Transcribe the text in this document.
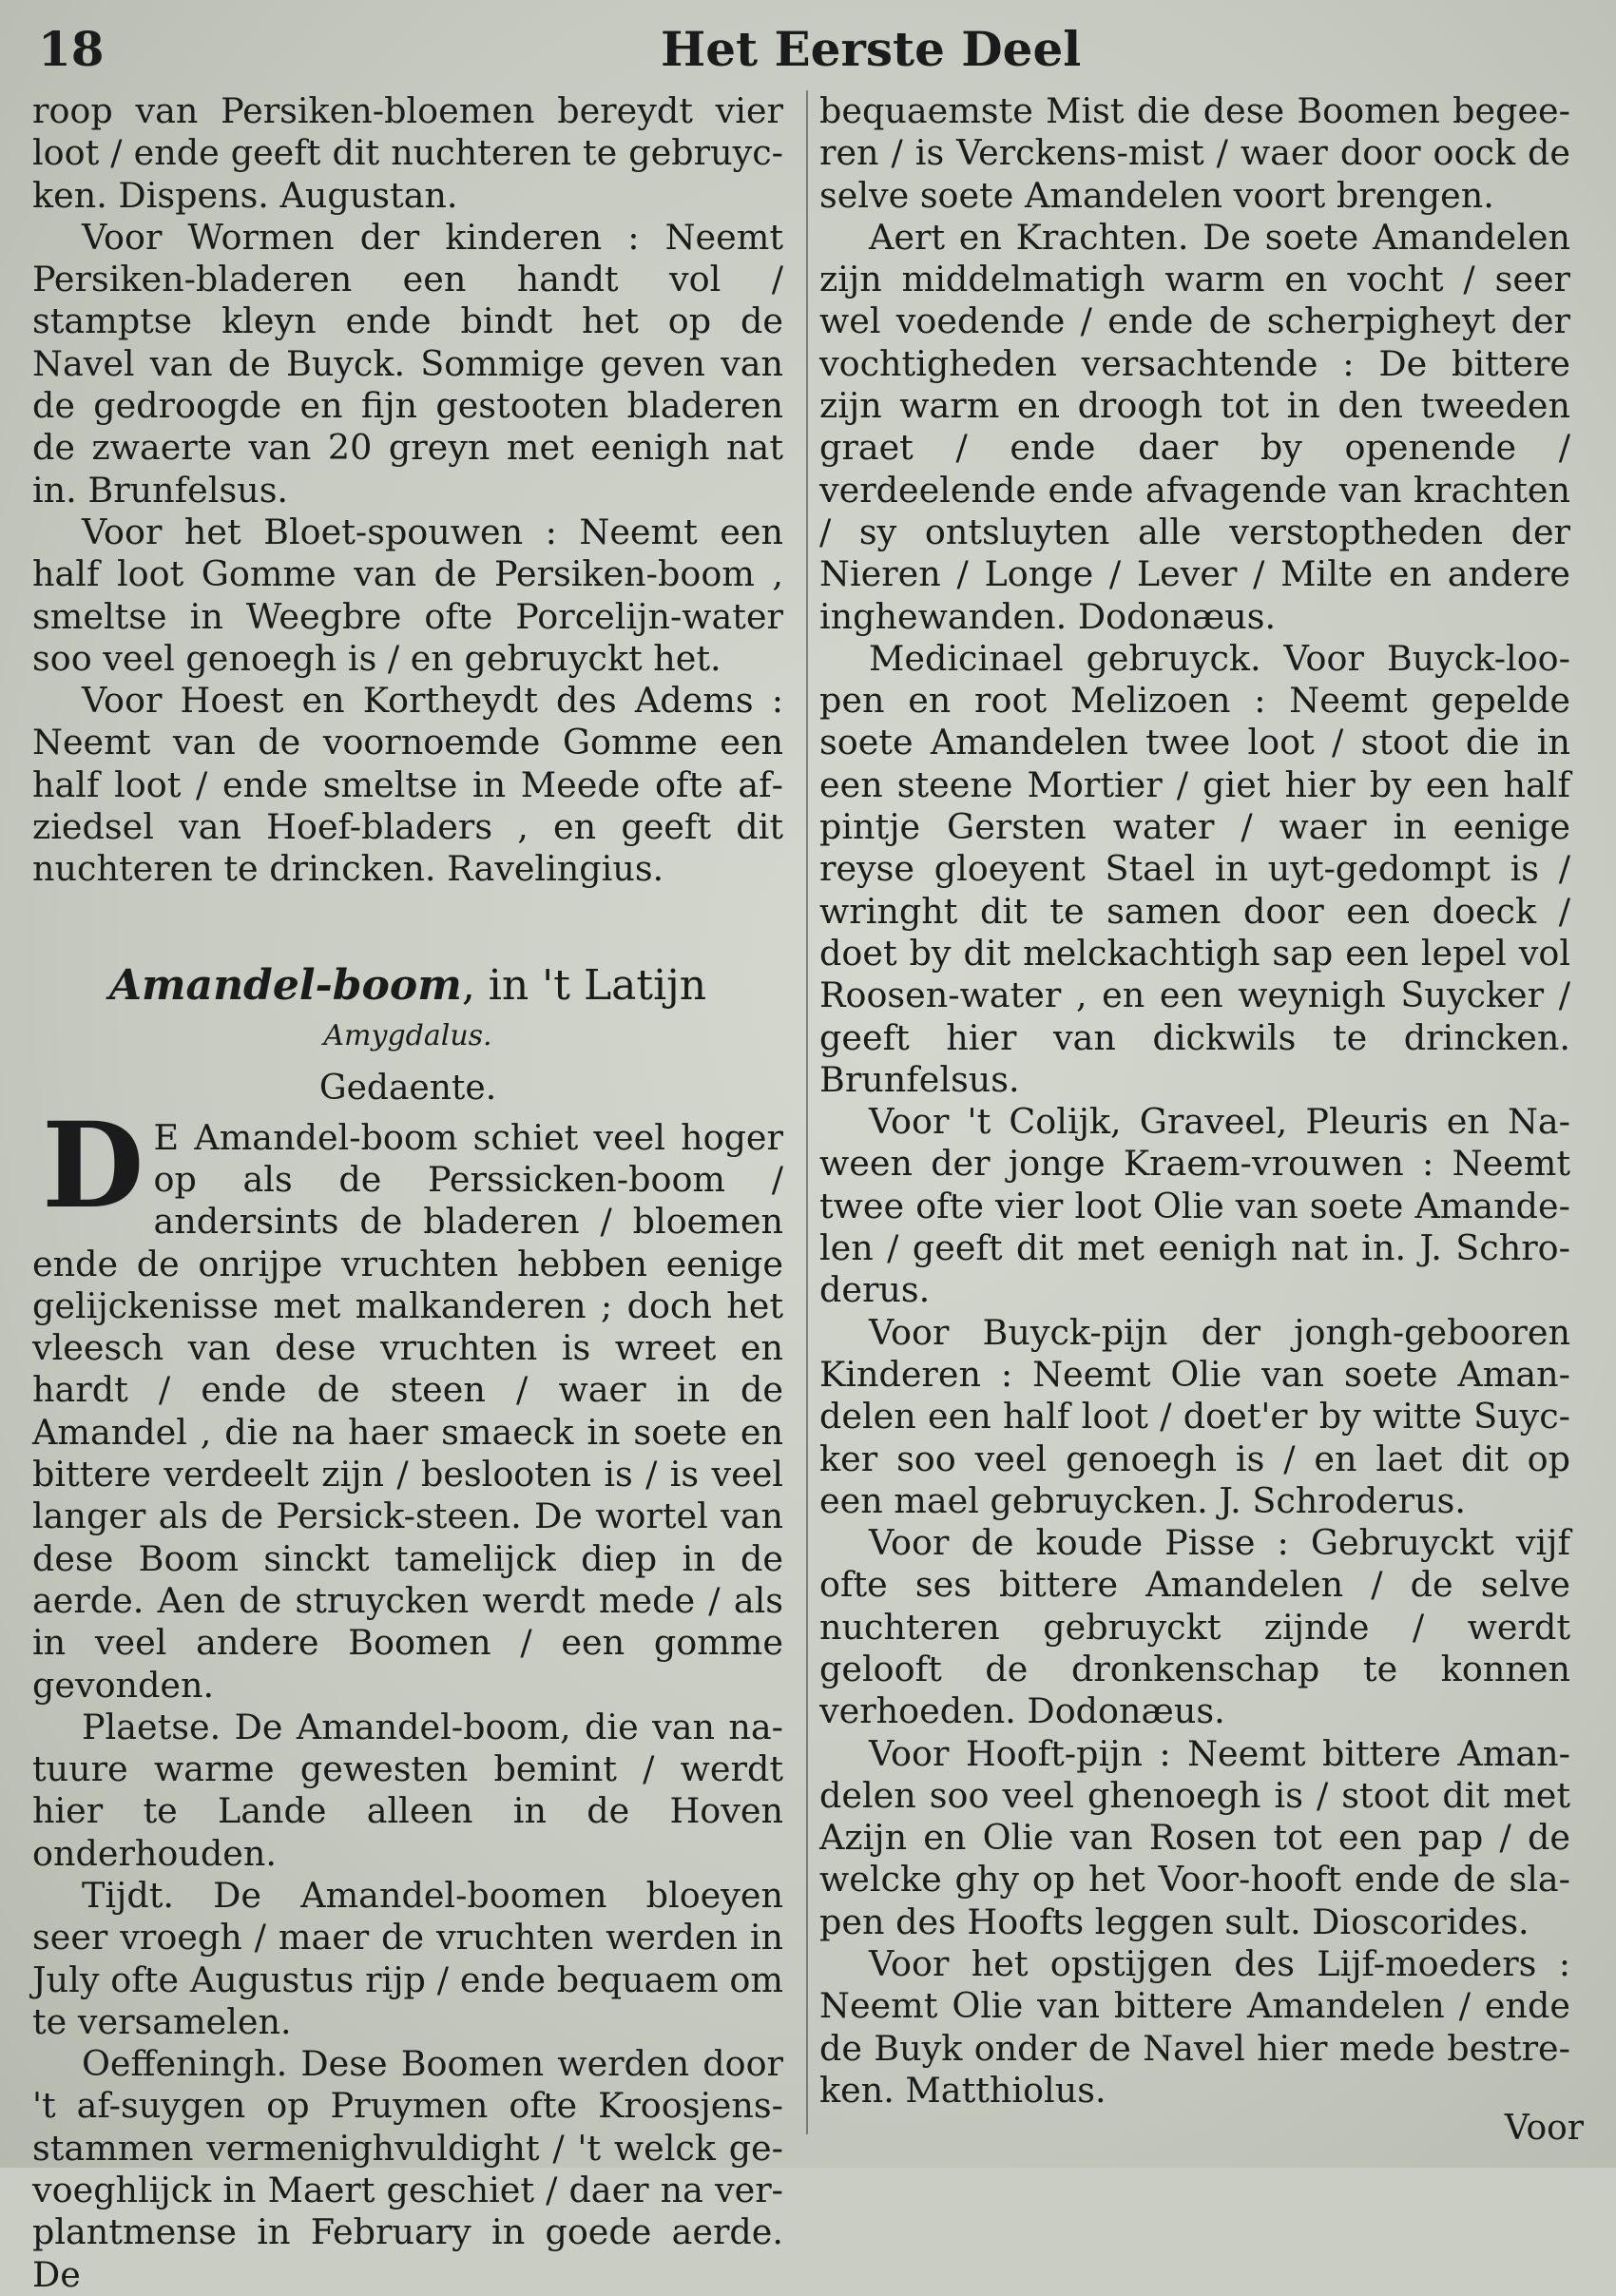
18	Het Eerste Deel

roop van Persiken-bloemen bereydt vier loot / ende geeft dit nuchteren te gebruycken. Dispens. Augustan.

Voor Wormen der kinderen : Neemt Persiken-bladeren een handt vol / stamptse kleyn ende bindt het op de Navel van de Buyck. Sommige geven van de gedroogde en fijn gestooten bladeren de zwaerte van 20 greyn met eenigh nat in. Brunfelsus.

Voor het Bloet-spouwen : Neemt een half loot Gomme van de Persiken-boom , smeltse in Weegbre ofte Porcelijn-water soo veel genoegh is / en gebruyckt het.

Voor Hoest en Kortheydt des Adems : Neemt van de voornoemde Gomme een half loot / ende smeltse in Meede ofte afziedsel van Hoef-bladers , en geeft dit nuchteren te drincken. Ravelingius.

Amandel-boom, in 't Latijn
Amygdalus.
Gedaente.

D E Amandel-boom schiet veel hoger op als de Perssicken-boom / andersints de bladeren / bloemen ende de onrijpe vruchten hebben eenige gelijckenisse met malkanderen ; doch het vleesch van dese vruchten is wreet en hardt / ende de steen / waer in de Amandel , die na haer smaeck in soete en bittere verdeelt zijn / beslooten is / is veel langer als de Persick-steen. De wortel van dese Boom sinckt tamelijck diep in de aerde. Aen de struycken werdt mede / als in veel andere Boomen / een gomme gevonden.

Plaetse. De Amandel-boom, die van natuure warme gewesten bemint / werdt hier te Lande alleen in de Hoven onderhouden.

Tijdt. De Amandel-boomen bloeyen seer vroegh / maer de vruchten werden in July ofte Augustus rijp / ende bequaem om te versamelen.

Oeffeningh. Dese Boomen werden door 't af-suygen op Pruymen ofte Kroosjensstammen vermenighvuldight / 't welck gevoeghlijck in Maert geschiet / daer na verplantmense in February in goede aerde. De

bequaemste Mist die dese Boomen begeeren / is Verckens-mist / waer door oock de selve soete Amandelen voort brengen.

Aert en Krachten. De soete Amandelen zijn middelmatigh warm en vocht / seer wel voedende / ende de scherpigheyt der vochtigheden versachtende : De bittere zijn warm en droogh tot in den tweeden graet / ende daer by openende / verdeelende ende afvagende van krachten / sy ontsluyten alle verstoptheden der Nieren / Longe / Lever / Milte en andere inghewanden. Dodonæus.

Medicinael gebruyck. Voor Buyck-loopen en root Melizoen : Neemt gepelde soete Amandelen twee loot / stoot die in een steene Mortier / giet hier by een half pintje Gersten water / waer in eenige reyse gloeyent Stael in uyt-gedompt is / wringht dit te samen door een doeck / doet by dit melckachtigh sap een lepel vol Roosen-water , en een weynigh Suycker / geeft hier van dickwils te drincken. Brunfelsus.

Voor 't Colijk, Graveel, Pleuris en Naween der jonge Kraem-vrouwen : Neemt twee ofte vier loot Olie van soete Amandelen / geeft dit met eenigh nat in. J. Schroderus.

Voor Buyck-pijn der jongh-gebooren Kinderen : Neemt Olie van soete Amandelen een half loot / doet'er by witte Suycker soo veel genoegh is / en laet dit op een mael gebruycken. J. Schroderus.

Voor de koude Pisse : Gebruyckt vijf ofte ses bittere Amandelen / de selve nuchteren gebruyckt zijnde / werdt gelooft de dronkenschap te konnen verhoeden. Dodonæus.

Voor Hooft-pijn : Neemt bittere Amandelen soo veel ghenoegh is / stoot dit met Azijn en Olie van Rosen tot een pap / de welcke ghy op het Voor-hooft ende de slapen des Hoofts leggen sult. Dioscorides.

Voor het opstijgen des Lijf-moeders : Neemt Olie van bittere Amandelen / ende de Buyk onder de Navel hier mede bestreken. Matthiolus.

Voor
